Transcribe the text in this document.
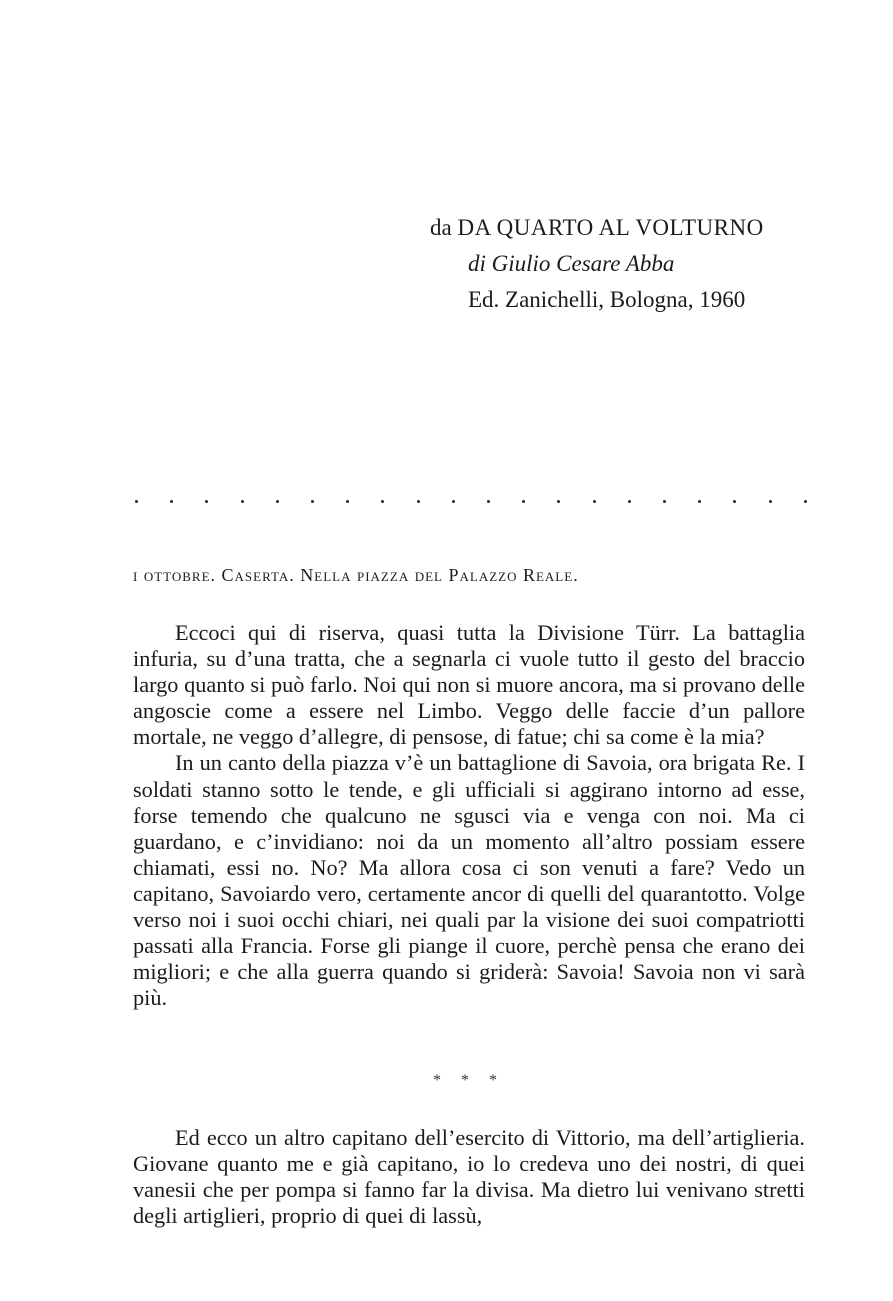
da DA QUARTO AL VOLTURNO
di Giulio Cesare Abba
Ed. Zanichelli, Bologna, 1960
i ottobre. Caserta. Nella piazza del Palazzo Reale.

Eccoci qui di riserva, quasi tutta la Divisione Türr. La battaglia infuria, su d’una tratta, che a segnarla ci vuole tutto il gesto del braccio largo quanto si può farlo. Noi qui non si muore ancora, ma si provano delle angoscie come a essere nel Limbo. Veggo delle faccie d’un pallore mortale, ne veggo d’allegre, di pensose, di fatue; chi sa come è la mia?

In un canto della piazza v’è un battaglione di Savoia, ora brigata Re. I soldati stanno sotto le tende, e gli ufficiali si aggirano intorno ad esse, forse temendo che qualcuno ne sgusci via e venga con noi. Ma ci guardano, e c’invidiano: noi da un momento all’altro possiam essere chiamati, essi no. No? Ma allora cosa ci son venuti a fare? Vedo un capitano, Savoiardo vero, certamente ancor di quelli del quarantotto. Volge verso noi i suoi occhi chiari, nei quali par la visione dei suoi compatriotti passati alla Francia. Forse gli piange il cuore, perchè pensa che erano dei migliori; e che alla guerra quando si griderà: Savoia! Savoia non vi sarà più.

* * *

Ed ecco un altro capitano dell’esercito di Vittorio, ma dell’artiglieria. Giovane quanto me e già capitano, io lo credeva uno dei nostri, di quei vanesii che per pompa si fanno far la divisa. Ma dietro lui venivano stretti degli artiglieri, proprio di quei di lassù,
